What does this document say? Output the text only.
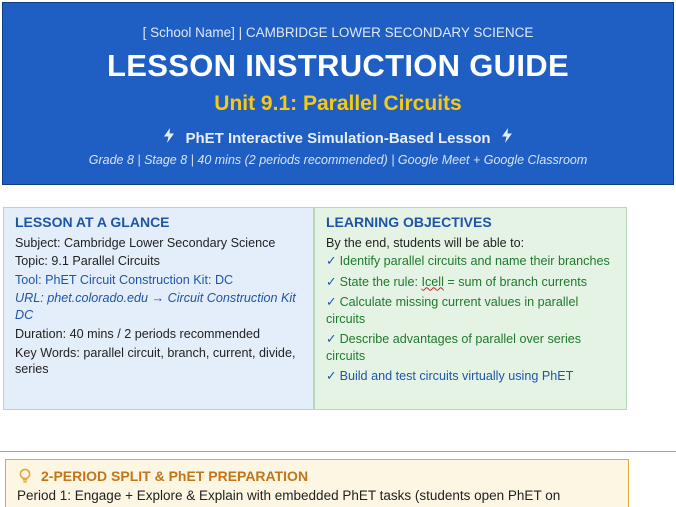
[ School Name] | CAMBRIDGE LOWER SECONDARY SCIENCE
LESSON INSTRUCTION GUIDE
Unit 9.1: Parallel Circuits
PhET Interactive Simulation-Based Lesson
Grade 8 | Stage 8 | 40 mins (2 periods recommended) | Google Meet + Google Classroom
LESSON AT A GLANCE
Subject: Cambridge Lower Secondary Science
Topic: 9.1 Parallel Circuits
Tool: PhET Circuit Construction Kit: DC
URL: phet.colorado.edu → Circuit Construction Kit DC
Duration: 40 mins / 2 periods recommended
Key Words: parallel circuit, branch, current, divide, series
LEARNING OBJECTIVES
By the end, students will be able to:
✓ Identify parallel circuits and name their branches
✓ State the rule: Icell = sum of branch currents
✓ Calculate missing current values in parallel circuits
✓ Describe advantages of parallel over series circuits
✓ Build and test circuits virtually using PhET
2-PERIOD SPLIT & PhET PREPARATION
Period 1: Engage + Explore & Explain with embedded PhET tasks (students open PhET on
